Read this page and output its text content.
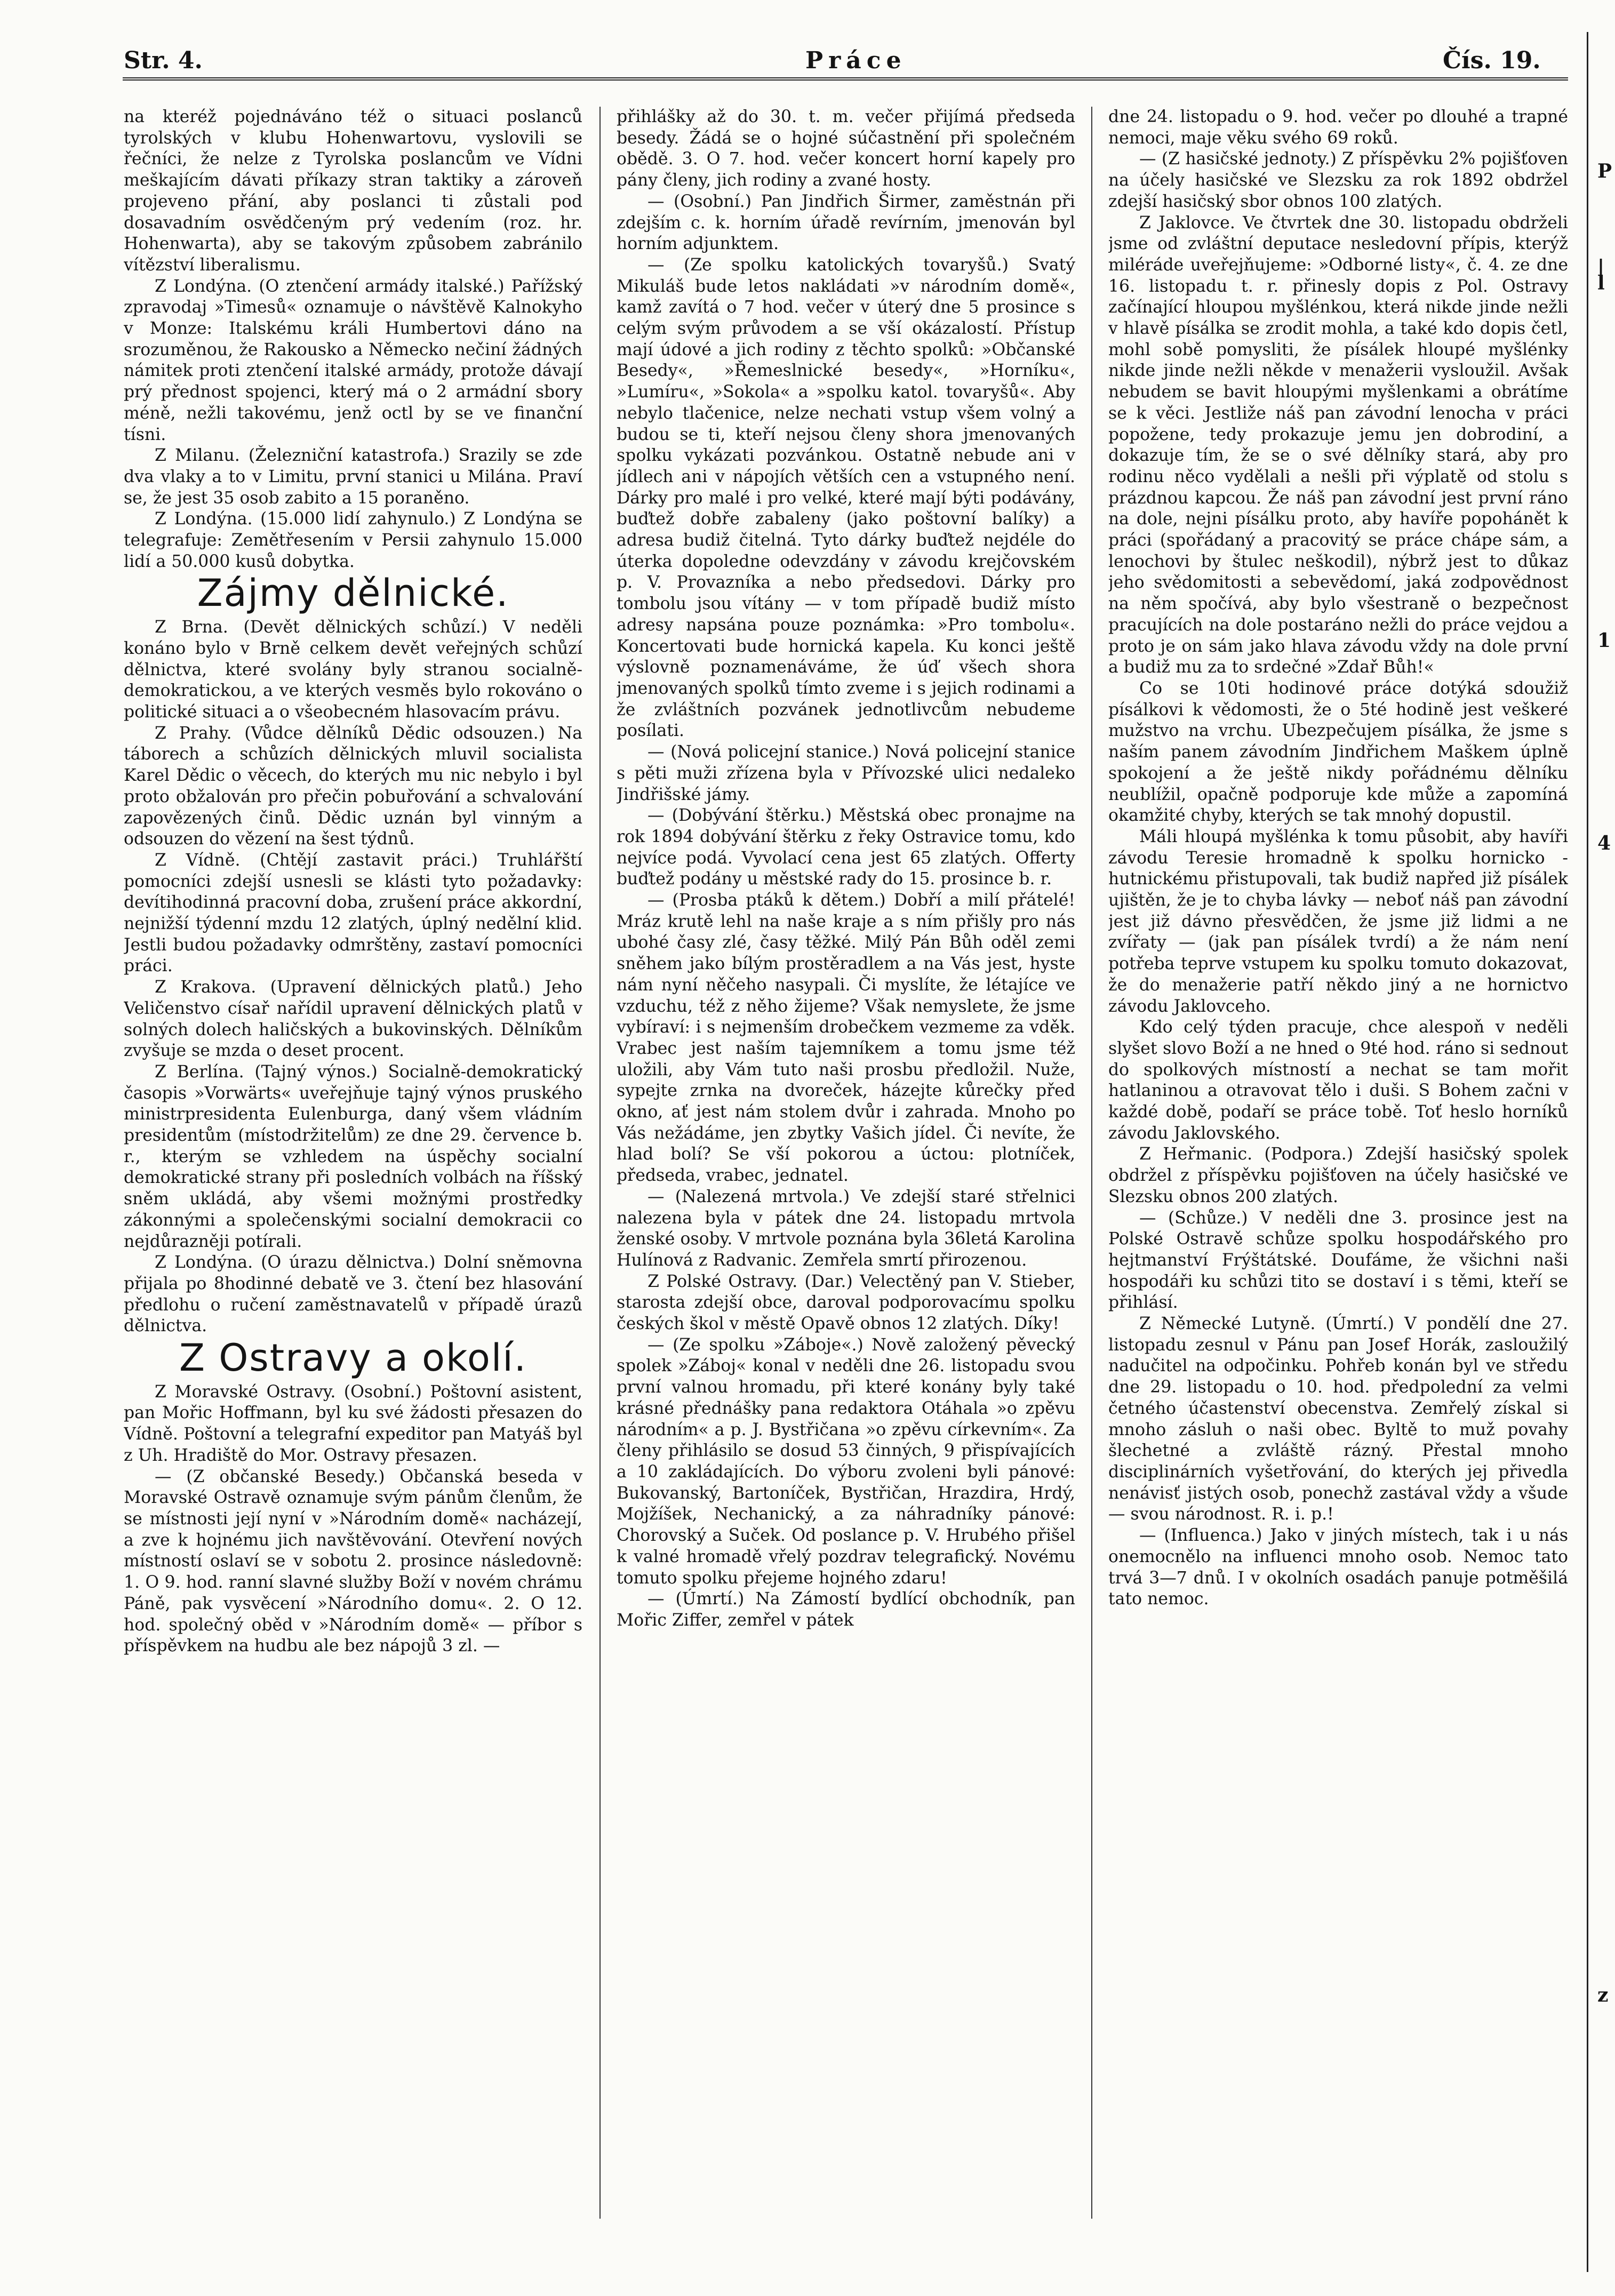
Str. 4.	Práce	Čís. 19.

na kteréž pojednáváno též o situaci poslanců tyrolských v klubu Hohenwartovu, vyslovili se řečníci, že nelze z Tyrolska poslancům ve Vídni meškajícím dávati příkazy stran taktiky a zároveň projeveno přání, aby poslanci ti zůstali pod dosavadním osvědčeným prý vedením (roz. hr. Hohenwarta), aby se takovým způsobem zabránilo vítězství liberalismu.

Z Londýna. (O ztenčení armády italské.) Pařížský zpravodaj »Timesů« oznamuje o návštěvě Kalnokyho v Monze: Italskému králi Humbertovi dáno na srozuměnou, že Rakousko a Německo nečiní žádných námitek proti ztenčení italské armády, protože dávají prý přednost spojenci, který má o 2 armádní sbory méně, nežli takovému, jenž octl by se ve finanční tísni.

Z Milanu. (Železniční katastrofa.) Srazily se zde dva vlaky a to v Limitu, první stanici u Milána. Praví se, že jest 35 osob zabito a 15 poraněno.

Z Londýna. (15.000 lidí zahynulo.) Z Londýna se telegrafuje: Zemětřesením v Persii zahynulo 15.000 lidí a 50.000 kusů dobytka.

Zájmy dělnické.

Z Brna. (Devět dělnických schůzí.) V neděli konáno bylo v Brně celkem devět veřejných schůzí dělnictva, které svolány byly stranou socialně-demokratickou, a ve kterých vesměs bylo rokováno o politické situaci a o všeobecném hlasovacím právu.

Z Prahy. (Vůdce dělníků Dědic odsouzen.) Na táborech a schůzích dělnických mluvil socialista Karel Dědic o věcech, do kterých mu nic nebylo i byl proto obžalován pro přečin pobuřování a schvalování zapovězených činů. Dědic uznán byl vinným a odsouzen do vězení na šest týdnů.

Z Vídně. (Chtějí zastavit práci.) Truhlářští pomocníci zdejší usnesli se klásti tyto požadavky: devítihodinná pracovní doba, zrušení práce akkordní, nejnižší týdenní mzdu 12 zlatých, úplný nedělní klid. Jestli budou požadavky odmrštěny, zastaví pomocníci práci.

Z Krakova. (Upravení dělnických platů.) Jeho Veličenstvo císař nařídil upravení dělnických platů v solných dolech haličských a bukovinských. Dělníkům zvyšuje se mzda o deset procent.

Z Berlína. (Tajný výnos.) Socialně-demokratický časopis »Vorwärts« uveřejňuje tajný výnos pruského ministrpresidenta Eulenburga, daný všem vládním presidentům (místodržitelům) ze dne 29. července b. r., kterým se vzhledem na úspěchy socialní demokratické strany při posledních volbách na říšský sněm ukládá, aby všemi možnými prostředky zákonnými a společenskými socialní demokracii co nejdůrazněji potírali.

Z Londýna. (O úrazu dělnictva.) Dolní sněmovna přijala po 8hodinné debatě ve 3. čtení bez hlasování předlohu o ručení zaměstnavatelů v případě úrazů dělnictva.

Z Ostravy a okolí.

Z Moravské Ostravy. (Osobní.) Poštovní asistent, pan Mořic Hoffmann, byl ku své žádosti přesazen do Vídně. Poštovní a telegrafní expeditor pan Matyáš byl z Uh. Hradiště do Mor. Ostravy přesazen.

— (Z občanské Besedy.) Občanská beseda v Moravské Ostravě oznamuje svým pánům členům, že se místnosti její nyní v »Národním domě« nacházejí, a zve k hojnému jich navštěvování. Otevření nových místností oslaví se v sobotu 2. prosince následovně: 1. O 9. hod. ranní slavné služby Boží v novém chrámu Páně, pak vysvěcení »Národního domu«. 2. O 12. hod. společný oběd v »Národním domě« — příbor s příspěvkem na hudbu ale bez nápojů 3 zl. —

přihlášky až do 30. t. m. večer přijímá předseda besedy. Žádá se o hojné súčastnění při společném obědě. 3. O 7. hod. večer koncert horní kapely pro pány členy, jich rodiny a zvané hosty.

— (Osobní.) Pan Jindřich Širmer, zaměstnán při zdejším c. k. horním úřadě revírním, jmenován byl horním adjunktem.

— (Ze spolku katolických tovaryšů.) Svatý Mikuláš bude letos nakládati »v národním domě«, kamž zavítá o 7 hod. večer v úterý dne 5 prosince s celým svým průvodem a se vší okázalostí. Přístup mají údové a jich rodiny z těchto spolků: »Občanské Besedy«, »Řemeslnické besedy«, »Horníku«, »Lumíru«, »Sokola« a »spolku katol. tovaryšů«. Aby nebylo tlačenice, nelze nechati vstup všem volný a budou se ti, kteří nejsou členy shora jmenovaných spolku vykázati pozvánkou. Ostatně nebude ani v jídlech ani v nápojích větších cen a vstupného není. Dárky pro malé i pro velké, které mají býti podávány, buďtež dobře zabaleny (jako poštovní balíky) a adresa budiž čitelná. Tyto dárky buďtež nejdéle do úterka dopoledne odevzdány v závodu krejčovském p. V. Provazníka a nebo předsedovi. Dárky pro tombolu jsou vítány — v tom případě budiž místo adresy napsána pouze poznámka: »Pro tombolu«. Koncertovati bude hornická kapela. Ku konci ještě výslovně poznamenáváme, že úď všech shora jmenovaných spolků tímto zveme i s jejich rodinami a že zvláštních pozvánek jednotlivcům nebudeme posílati.

— (Nová policejní stanice.) Nová policejní stanice s pěti muži zřízena byla v Přívozské ulici nedaleko Jindřišské jámy.

— (Dobývání štěrku.) Městská obec pronajme na rok 1894 dobývání štěrku z řeky Ostravice tomu, kdo nejvíce podá. Vyvolací cena jest 65 zlatých. Offerty buďtež podány u městské rady do 15. prosince b. r.

— (Prosba ptáků k dětem.) Dobří a milí přátelé! Mráz krutě lehl na naše kraje a s ním přišly pro nás ubohé časy zlé, časy těžké. Milý Pán Bůh oděl zemi sněhem jako bílým prostěradlem a na Vás jest, hyste nám nyní něčeho nasypali. Či myslíte, že létajíce ve vzduchu, též z něho žijeme? Však nemyslete, že jsme vybíraví: i s nejmenším drobečkem vezmeme za vděk. Vrabec jest naším tajemníkem a tomu jsme též uložili, aby Vám tuto naši prosbu předložil. Nuže, sypejte zrnka na dvoreček, házejte kůrečky před okno, ať jest nám stolem dvůr i zahrada. Mnoho po Vás nežádáme, jen zbytky Vašich jídel. Či nevíte, že hlad bolí? Se vší pokorou a úctou: plotníček, předseda, vrabec, jednatel.

— (Nalezená mrtvola.) Ve zdejší staré střelnici nalezena byla v pátek dne 24. listopadu mrtvola ženské osoby. V mrtvole poznána byla 36letá Karolina Hulínová z Radvanic. Zemřela smrtí přirozenou.

Z Polské Ostravy. (Dar.) Velectěný pan V. Stieber, starosta zdejší obce, daroval podporovacímu spolku českých škol v městě Opavě obnos 12 zlatých. Díky!

— (Ze spolku »Záboje«.) Nově založený pěvecký spolek »Záboj« konal v neděli dne 26. listopadu svou první valnou hromadu, při které konány byly také krásné přednášky pana redaktora Otáhala »o zpěvu národním« a p. J. Bystřičana »o zpěvu církevním«. Za členy přihlásilo se dosud 53 činných, 9 přispívajících a 10 zakládajících. Do výboru zvoleni byli pánové: Bukovanský, Bartoníček, Bystřičan, Hrazdira, Hrdý, Mojžíšek, Nechanický, a za náhradníky pánové: Chorovský a Suček. Od poslance p. V. Hrubého přišel k valné hromadě vřelý pozdrav telegrafický. Novému tomuto spolku přejeme hojného zdaru!

— (Úmrtí.) Na Zámostí bydlící obchodník, pan Mořic Ziffer, zemřel v pátek

dne 24. listopadu o 9. hod. večer po dlouhé a trapné nemoci, maje věku svého 69 roků.

— (Z hasičské jednoty.) Z příspěvku 2% pojišťoven na účely hasičské ve Slezsku za rok 1892 obdržel zdejší hasičský sbor obnos 100 zlatých.

Z Jaklovce. Ve čtvrtek dne 30. listopadu obdrželi jsme od zvláštní deputace nesledovní přípis, kterýž miléráde uveřejňujeme: »Odborné listy«, č. 4. ze dne 16. listopadu t. r. přinesly dopis z Pol. Ostravy začínající hloupou myšlénkou, která nikde jinde nežli v hlavě písálka se zrodit mohla, a také kdo dopis četl, mohl sobě pomysliti, že písálek hloupé myšlénky nikde jinde nežli někde v menažerii vysloužil. Avšak nebudem se bavit hloupými myšlenkami a obrátíme se k věci. Jestliže náš pan závodní lenocha v práci popožene, tedy prokazuje jemu jen dobrodiní, a dokazuje tím, že se o své dělníky stará, aby pro rodinu něco vydělali a nešli při výplatě od stolu s prázdnou kapcou. Že náš pan závodní jest první ráno na dole, nejni písálku proto, aby havíře popohánět k práci (spořádaný a pracovitý se práce chápe sám, a lenochovi by štulec neškodil), nýbrž jest to důkaz jeho svědomitosti a sebevědomí, jaká zodpovědnost na něm spočívá, aby bylo všestraně o bezpečnost pracujících na dole postaráno nežli do práce vejdou a proto je on sám jako hlava závodu vždy na dole první a budiž mu za to srdečné »Zdař Bůh!«

Co se 10ti hodinové práce dotýká sdoužiž písálkovi k vědomosti, že o 5té hodině jest veškeré mužstvo na vrchu. Ubezpečujem písálka, že jsme s naším panem závodním Jindřichem Maškem úplně spokojení a že ještě nikdy pořádnému dělníku neublížil, opačně podporuje kde může a zapomíná okamžité chyby, kterých se tak mnohý dopustil.

Máli hloupá myšlénka k tomu působit, aby havíři závodu Teresie hromadně k spolku hornicko - hutnickému přistupovali, tak budiž napřed již písálek ujištěn, že je to chyba lávky — neboť náš pan závodní jest již dávno přesvědčen, že jsme již lidmi a ne zvířaty — (jak pan písálek tvrdí) a že nám není potřeba teprve vstupem ku spolku tomuto dokazovat, že do menažerie patří někdo jiný a ne hornictvo závodu Jaklovceho.

Kdo celý týden pracuje, chce alespoň v neděli slyšet slovo Boží a ne hned o 9té hod. ráno si sednout do spolkových místností a nechat se tam mořit hatlaninou a otravovat tělo i duši. S Bohem začni v každé době, podaří se práce tobě. Toť heslo horníků závodu Jaklovského.

Z Heřmanic. (Podpora.) Zdejší hasičský spolek obdržel z příspěvku pojišťoven na účely hasičské ve Slezsku obnos 200 zlatých.

— (Schůze.) V neděli dne 3. prosince jest na Polské Ostravě schůze spolku hospodářského pro hejtmanství Frýštátské. Doufáme, že všichni naši hospodáři ku schůzi tito se dostaví i s těmi, kteří se přihlásí.

Z Německé Lutyně. (Úmrtí.) V pondělí dne 27. listopadu zesnul v Pánu pan Josef Horák, zasloužilý nadučitel na odpočinku. Pohřeb konán byl ve středu dne 29. listopadu o 10. hod. předpolední za velmi četného účastenství obecenstva. Zemřelý získal si mnoho zásluh o naši obec. Byltě to muž povahy šlechetné a zvláště rázný. Přestal mnoho disciplinárních vyšetřování, do kterých jej přivedla nenávisť jistých osob, ponechž zastával vždy a všude — svou národnost. R. i. p.!

— (Influenca.) Jako v jiných místech, tak i u nás onemocnělo na influenci mnoho osob. Nemoc tato trvá 3—7 dnů. I v okolních osadách panuje potměšilá tato nemoc.

P
|
l
1
4
z
